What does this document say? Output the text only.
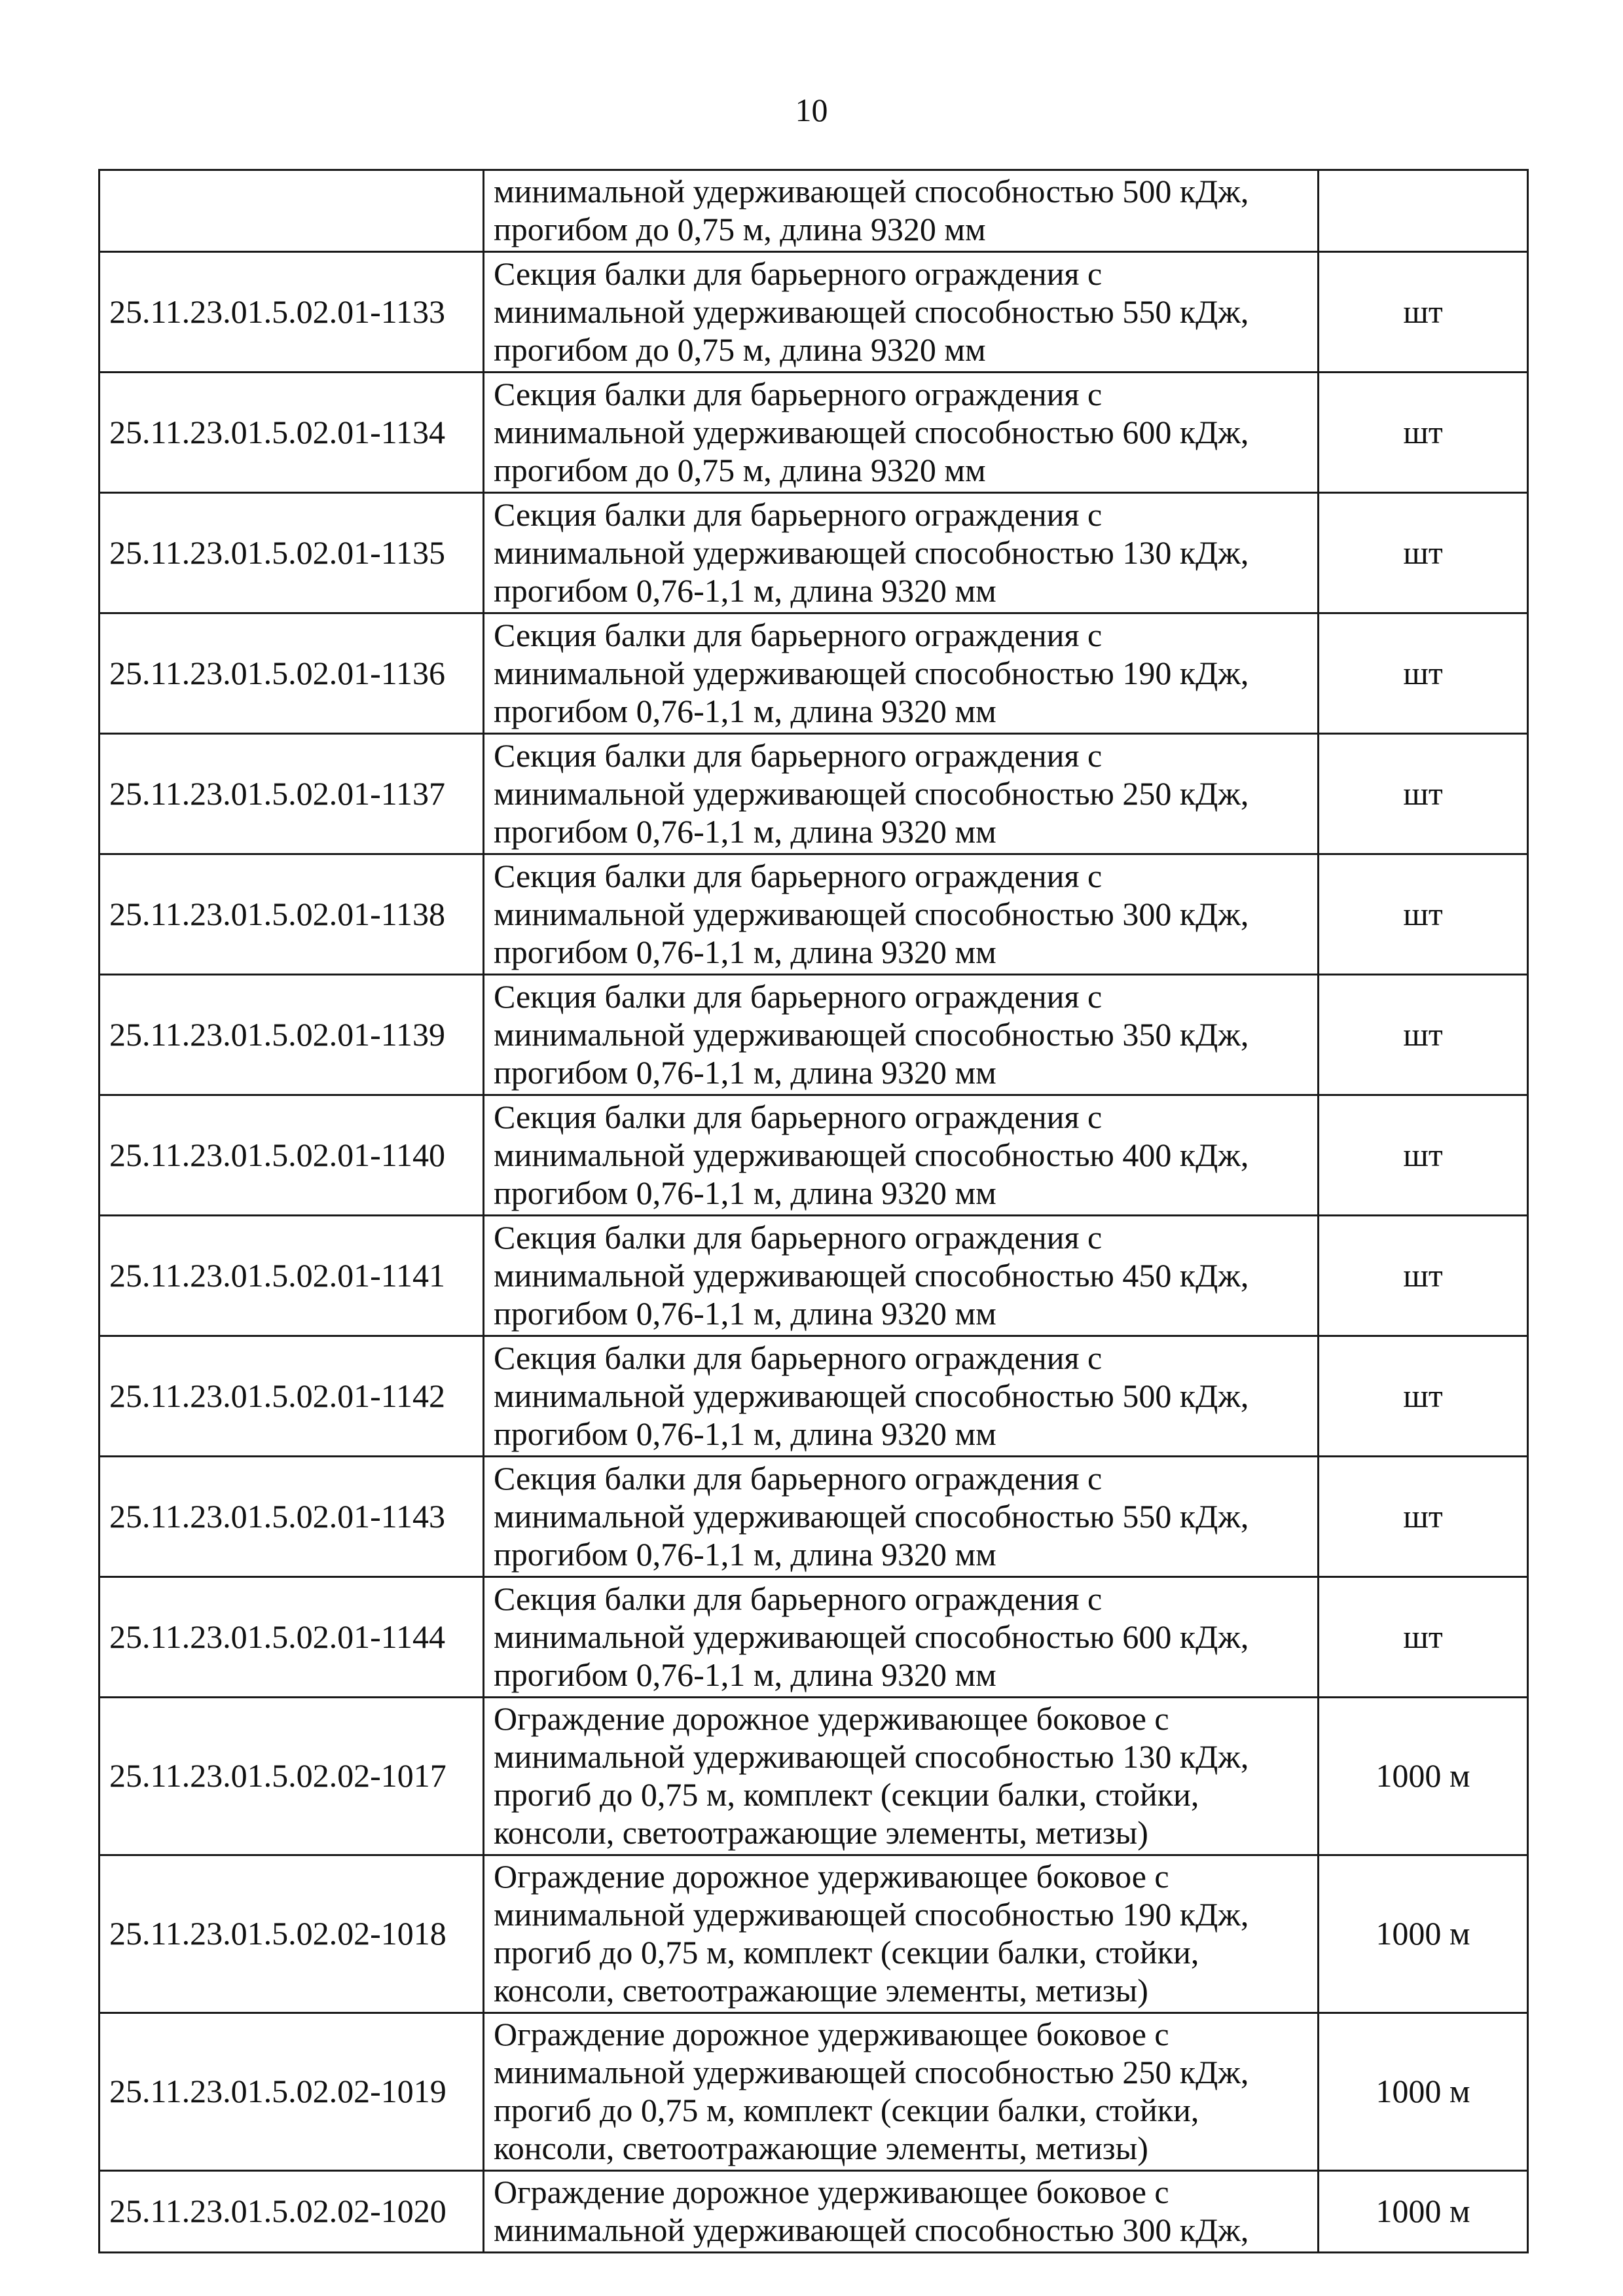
10

	минимальной удерживающей способностью 500 кДж,
прогибом до 0,75 м, длина 9320 мм	

25.11.23.01.5.02.01-1133	Секция балки для барьерного ограждения с
минимальной удерживающей способностью 550 кДж,
прогибом до 0,75 м, длина 9320 мм	шт
25.11.23.01.5.02.01-1134	Секция балки для барьерного ограждения с
минимальной удерживающей способностью 600 кДж,
прогибом до 0,75 м, длина 9320 мм	шт
25.11.23.01.5.02.01-1135	Секция балки для барьерного ограждения с
минимальной удерживающей способностью 130 кДж,
прогибом 0,76-1,1 м, длина 9320 мм	шт
25.11.23.01.5.02.01-1136	Секция балки для барьерного ограждения с
минимальной удерживающей способностью 190 кДж,
прогибом 0,76-1,1 м, длина 9320 мм	шт
25.11.23.01.5.02.01-1137	Секция балки для барьерного ограждения с
минимальной удерживающей способностью 250 кДж,
прогибом 0,76-1,1 м, длина 9320 мм	шт
25.11.23.01.5.02.01-1138	Секция балки для барьерного ограждения с
минимальной удерживающей способностью 300 кДж,
прогибом 0,76-1,1 м, длина 9320 мм	шт
25.11.23.01.5.02.01-1139	Секция балки для барьерного ограждения с
минимальной удерживающей способностью 350 кДж,
прогибом 0,76-1,1 м, длина 9320 мм	шт
25.11.23.01.5.02.01-1140	Секция балки для барьерного ограждения с
минимальной удерживающей способностью 400 кДж,
прогибом 0,76-1,1 м, длина 9320 мм	шт
25.11.23.01.5.02.01-1141	Секция балки для барьерного ограждения с
минимальной удерживающей способностью 450 кДж,
прогибом 0,76-1,1 м, длина 9320 мм	шт
25.11.23.01.5.02.01-1142	Секция балки для барьерного ограждения с
минимальной удерживающей способностью 500 кДж,
прогибом 0,76-1,1 м, длина 9320 мм	шт
25.11.23.01.5.02.01-1143	Секция балки для барьерного ограждения с
минимальной удерживающей способностью 550 кДж,
прогибом 0,76-1,1 м, длина 9320 мм	шт
25.11.23.01.5.02.01-1144	Секция балки для барьерного ограждения с
минимальной удерживающей способностью 600 кДж,
прогибом 0,76-1,1 м, длина 9320 мм	шт
25.11.23.01.5.02.02-1017	Ограждение дорожное удерживающее боковое с
минимальной удерживающей способностью 130 кДж,
прогиб до 0,75 м, комплект (секции балки, стойки,
консоли, светоотражающие элементы, метизы)	1000 м
25.11.23.01.5.02.02-1018	Ограждение дорожное удерживающее боковое с
минимальной удерживающей способностью 190 кДж,
прогиб до 0,75 м, комплект (секции балки, стойки,
консоли, светоотражающие элементы, метизы)	1000 м
25.11.23.01.5.02.02-1019	Ограждение дорожное удерживающее боковое с
минимальной удерживающей способностью 250 кДж,
прогиб до 0,75 м, комплект (секции балки, стойки,
консоли, светоотражающие элементы, метизы)	1000 м
25.11.23.01.5.02.02-1020	Ограждение дорожное удерживающее боковое с
минимальной удерживающей способностью 300 кДж,	1000 м
